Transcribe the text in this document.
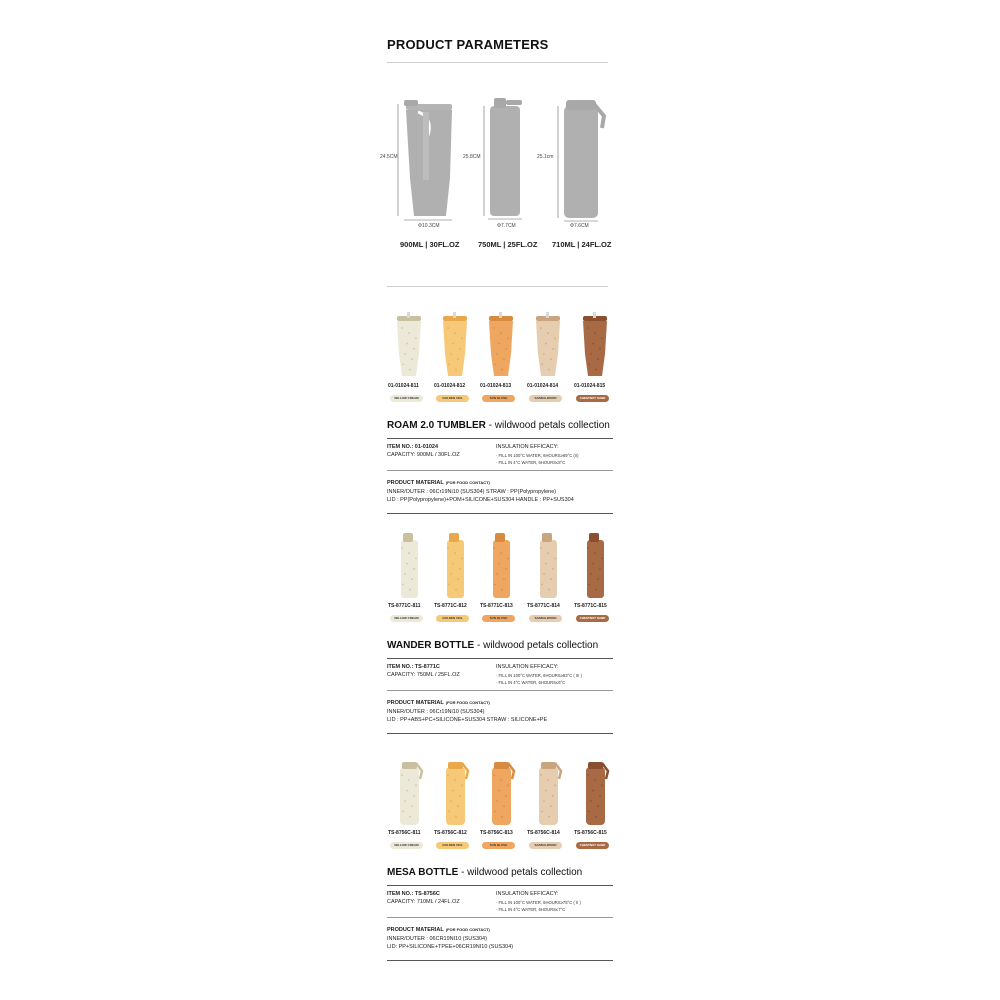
PRODUCT PARAMETERS
24.5CM	25.8CM	25.1cm
Φ10.3CM	Φ7.7CM	Φ7.6CM
900ML | 30FL.OZ 750ML | 25FL.OZ 710ML | 24FL.OZ
01-01024-811
WILLOW CREAM
01-01024-812
GOLDEN VEIL
01-01024-813
SUN BLUSH
01-01024-814
SANDALWOOD
01-01024-815
CHESTNUT SAND
ROAM 2.0 TUMBLER - wildwood petals collection
ITEM NO.: 01-01024
CAPACITY: 900ML / 30FL.OZ
INSULATION EFFICACY:
· FILL IN 100°C WATER, 6HOURS≥69°C (II)
· FILL IN 4°C WATER, 6HOURS≤8°C
PRODUCT MATERIAL (FOR FOOD CONTACT)
INNER/OUTER : 06Cr19Ni10 (SUS304) STRAW : PP(Polypropylene)
LID : PP(Polypropylene)+POM+SILICONE+SUS304 HANDLE : PP+SUS304
TS-8771C-811
WILLOW CREAM
TS-8771C-812
GOLDEN VEIL
TS-8771C-813
SUN BLUSH
TS-8771C-814
SANDALWOOD
TS-8771C-815
CHESTNUT SAND
WANDER BOTTLE - wildwood petals collection
ITEM NO.: TS-8771C
CAPACITY: 750ML / 25FL.OZ
INSULATION EFFICACY:
· FILL IN 100°C WATER, 6HOURS≥63°C ( III )
· FILL IN 4°C WATER, 6HOURS≤6°C
PRODUCT MATERIAL (FOR FOOD CONTACT)
INNER/OUTER : 06Cr19Ni10 (SUS304)
LID : PP+ABS+PC+SILICONE+SUS304 STRAW : SILICONE+PE
TS-8756C-811
WILLOW CREAM
TS-8756C-812
GOLDEN VEIL
TS-8756C-813
SUN BLUSH
TS-8756C-814
SANDALWOOD
TS-8756C-815
CHESTNUT SAND
MESA BOTTLE - wildwood petals collection
ITEM NO.: TS-8756C
CAPACITY: 710ML / 24FL.OZ
INSULATION EFFICACY:
· FILL IN 100°C WATER, 6HOURS≥75°C ( II )
· FILL IN 4°C WATER, 6HOURS≤7°C
PRODUCT MATERIAL (FOR FOOD CONTACT)
INNER/OUTER : 06CR19NI10 (SUS304)
LID: PP+SILICONE+TPEE+06CR19NI10 (SUS304)
